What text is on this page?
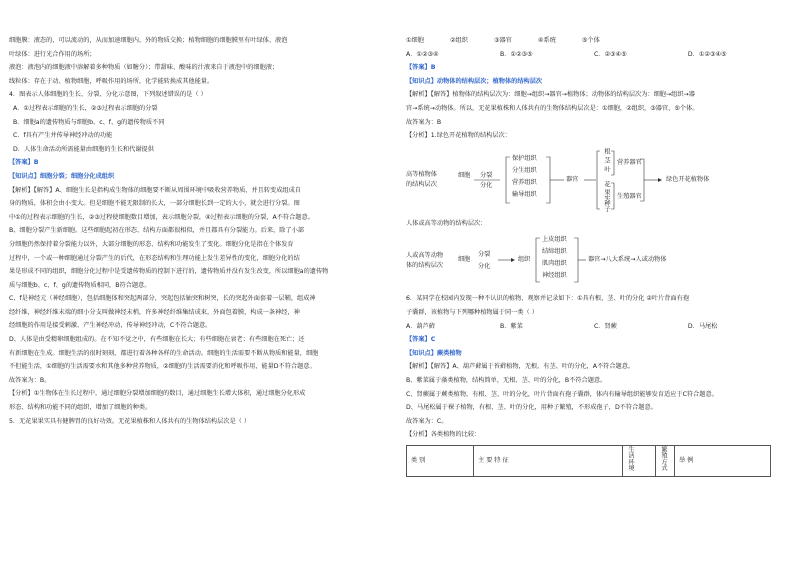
细胞膜：液态的，可以流动的，从而加速细胞内、外的物质交换；植物细胞的细胞膜里有叶绿体、液泡

叶绿体：进行光合作用的场所；

液泡：液泡内的细胞液中溶解着多种物质（如糖分）；带甜味、酸味的汁液来自于液泡中的细胞液；

线粒体：存在于动、植物细胞，呼吸作用的场所，化学能转换成其他能量。

4．图表示人体细胞的生长、分裂、分化示意图，下列叙述错误的是（ ）

A．①过程表示细胞的生长，②③过程表示细胞的分裂

B．细胞a的遗传物质与细胞b、c、f、g的遗传物质不同

C．f具有产生并传导神经冲动的功能

D．人体生命活动所需能量由细胞的生长和代谢提供

【答案】B

【知识点】细胞分裂；细胞分化成组织

【解析】【解答】A、细胞生长是指构成生物体的细胞要不断从周围环境中吸收营养物质，并且转变成组成自

身的物质，体积会由小变大。但是细胞不能无限制的长大，一部分细胞长到一定的大小，就会进行分裂。图

中①的过程表示细胞的生长，②③过程使细胞数目增加，表示细胞分裂，④过程表示细胞的分裂，A不符合题意。

B、细胞分裂产生新细胞。这些细胞起初在形态、结构方面都很相似，并且都具有分裂能力。后来，除了小部

分细胞仍然保持着分裂能力以外，大部分细胞的形态、结构和功能发生了变化。细胞分化是指在个体发育

过程中，一个或一种细胞通过分裂产生的后代，在形态结构和生理功能上发生差异性的变化，细胞分化的结

果是形成不同的组织，细胞分化过程中是受遗传物质的控制下进行的，遗传物质并没有发生改变，所以细胞a的遗传物

质与细胞b、c、f、g的遗传物质相同，B符合题意。

C、f是神经元（神经细胞），包括细胞体和突起两部分，突起包括轴突和树突，长的突起外面套着一层鞘，组成神

经纤维，神经纤维末端的细小分支叫做神经末梢，许多神经纤维集结成束，外面包着膜，构成一条神经，神

经细胞的作用是接受刺激、产生神经冲动，传导神经冲动，C不符合题意。

D、人体是由受精卵细胞组成的。在不知不觉之中，有些细胞在长大；有些细胞在衰老；有些细胞在死亡；还

有新细胞在生成。细胞生活的很时刻刻，都进行着各种各样的生命活动。细胞的生活需要不断从物质和能量，细胞

不但能生活，①细胞的生活需要水和其他多种营养物质，②细胞的生活需要消化和呼吸作用，能量D不符合题意。

故答案为：B。

【分析】①生物体在生长过程中，通过细胞分裂增加细胞的数目，通过细胞生长增大体积，通过细胞分化形成

形态、结构和功能不同的组织，增加了细胞的种类。

5．无花果果实具有健脾胃的良好功效。无花果植株和人体共有的生物体结构层次是（ ）

①细胞	②组织	③器官	④系统	⑤个体

A．①②③④	B．①②③⑤	C．②③④⑤	D．①②③④⑤

【答案】B

【知识点】动物体的结构层次；植物体的结构层次

【解析】【解答】植物体的结构层次为：细胞→组织→器官→植物体；动物体的结构层次为：细胞→组织→器

官→系统→动物体。所以，无花果植株和人体共有的生物体结构层次是：①细胞，②组织，③器官，⑤个体。

故答案为：B

【分析】1.绿色开花植物的结构层次：

高等植物体
的结构层次
细胞 分裂
分化
保护组织
分生组织
营养组织
输导组织
器官
根
茎
叶
花
果实
种子
营养器官
生殖器官
绿色开花植物体

人体或高等动物的结构层次：

人或高等动物
体的结构层次
细胞
分裂
分化
组织
上皮组织
结缔组织
肌肉组织
神经组织
器官→八大系统→人或动物体

6．某同学在校园内发现一种不认识的植物，观察并记录如下：①具有根、茎、叶的分化 ②叶片背面有孢

子囊群，该植物与下列哪种植物属于同一类（ ）

A．葫芦藓	B．紫菜	C．肾蕨	D．马尾松

【答案】C

【知识点】蕨类植物

【解析】【解答】A、葫芦藓属于苔藓植物，无根，有茎、叶的分化，A不符合题意。

B、紫菜属于藻类植物，结构简单，无根、茎、叶的分化，B不符合题意。

C、肾蕨属于蕨类植物，有根、茎、叶的分化，叶片背面有孢子囊群，体内有输导组织能够发育适应于C符合题意。

D、马尾松属于裸子植物，有根、茎、叶的分化，用种子繁殖，不形成孢子，D不符合题意。

故答案为：C。

【分析】各类植物的比较：

类 别	主 要 特 征	生活环境	繁殖方式	举 例
